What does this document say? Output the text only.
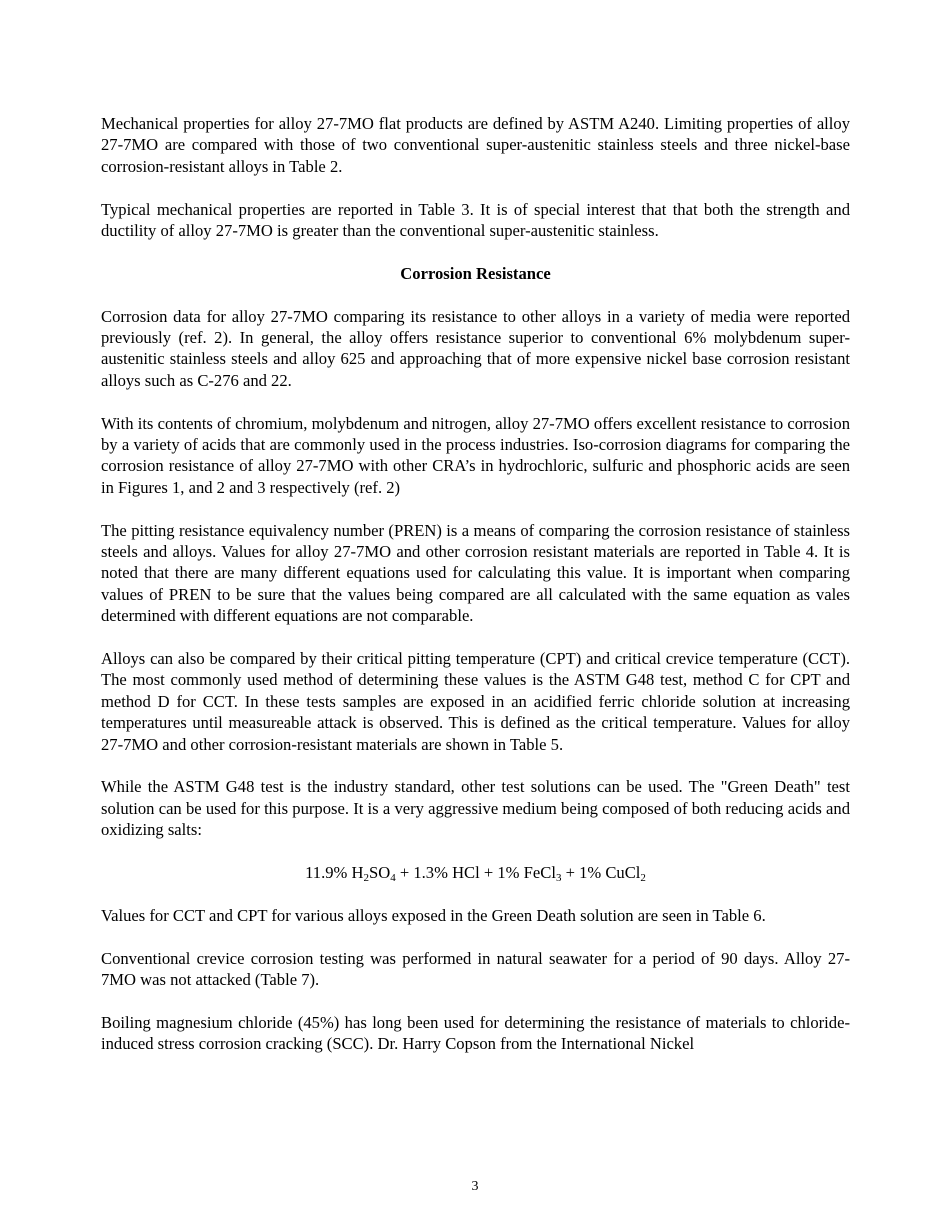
Mechanical properties for alloy 27-7MO flat products are defined by ASTM A240. Limiting properties of alloy 27-7MO are compared with those of two conventional super-austenitic stainless steels and three nickel-base corrosion-resistant alloys in Table 2.

Typical mechanical properties are reported in Table 3. It is of special interest that that both the strength and ductility of alloy 27-7MO is greater than the conventional super-austenitic stainless.

Corrosion Resistance

Corrosion data for alloy 27-7MO comparing its resistance to other alloys in a variety of media were reported previously (ref. 2). In general, the alloy offers resistance superior to conventional 6% molybdenum super-austenitic stainless steels and alloy 625 and approaching that of more expensive nickel base corrosion resistant alloys such as C-276 and 22.

With its contents of chromium, molybdenum and nitrogen, alloy 27-7MO offers excellent resistance to corrosion by a variety of acids that are commonly used in the process industries. Iso-corrosion diagrams for comparing the corrosion resistance of alloy 27-7MO with other CRA’s in hydrochloric, sulfuric and phosphoric acids are seen in Figures 1, and 2 and 3 respectively (ref. 2)

The pitting resistance equivalency number (PREN) is a means of comparing the corrosion resistance of stainless steels and alloys. Values for alloy 27-7MO and other corrosion resistant materials are reported in Table 4. It is noted that there are many different equations used for calculating this value. It is important when comparing values of PREN to be sure that the values being compared are all calculated with the same equation as vales determined with different equations are not comparable.

Alloys can also be compared by their critical pitting temperature (CPT) and critical crevice temperature (CCT). The most commonly used method of determining these values is the ASTM G48 test, method C for CPT and method D for CCT. In these tests samples are exposed in an acidified ferric chloride solution at increasing temperatures until measureable attack is observed. This is defined as the critical temperature. Values for alloy 27-7MO and other corrosion-resistant materials are shown in Table 5.

While the ASTM G48 test is the industry standard, other test solutions can be used. The "Green Death" test solution can be used for this purpose. It is a very aggressive medium being composed of both reducing acids and oxidizing salts:

11.9% $H_2SO_4 + 1.3\%$ HCl + 1% FeCl$_3$ + 1% CuCl$_2$

Values for CCT and CPT for various alloys exposed in the Green Death solution are seen in Table 6.

Conventional crevice corrosion testing was performed in natural seawater for a period of 90 days. Alloy 27-7MO was not attacked (Table 7).

Boiling magnesium chloride (45%) has long been used for determining the resistance of materials to chloride-induced stress corrosion cracking (SCC). Dr. Harry Copson from the International Nickel

3
